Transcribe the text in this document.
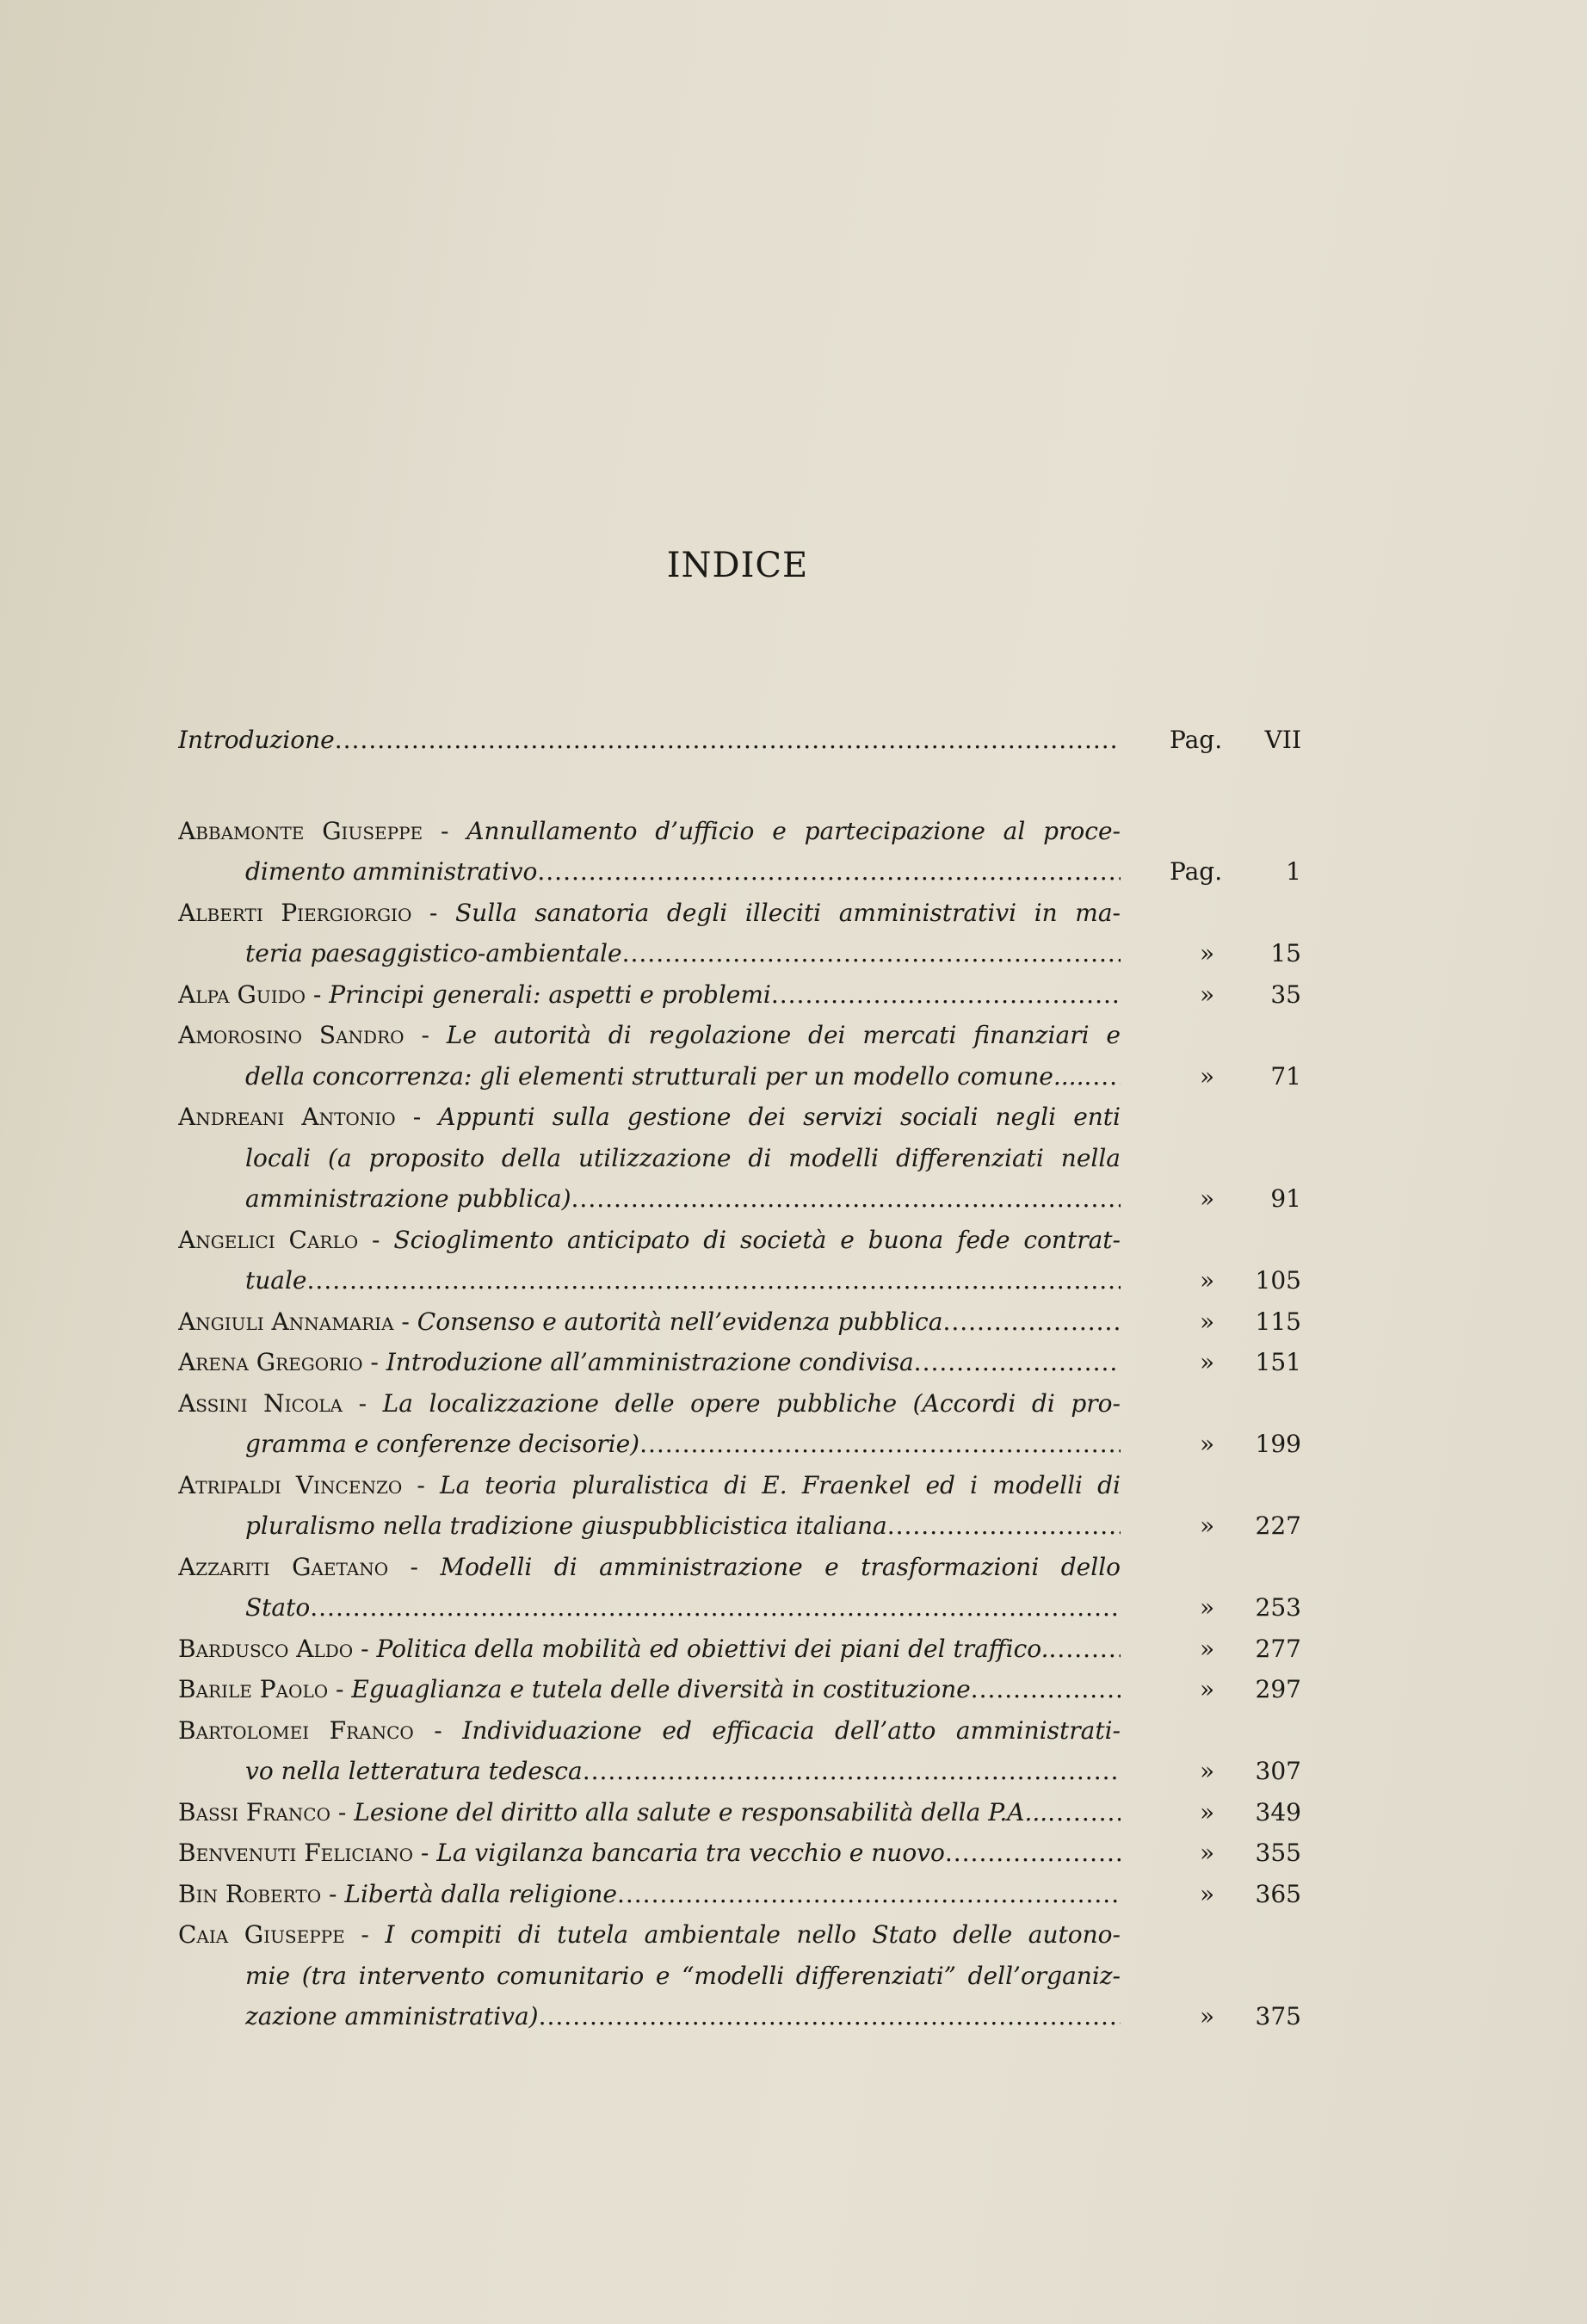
INDICE
Introduzione .....	Pag.	VII
Abbamonte Giuseppe - Annullamento d’ufficio e partecipazione al proce-
dimento amministrativo .....	Pag.	1
Alberti Piergiorgio - Sulla sanatoria degli illeciti amministrativi in ma-
teria paesaggistico-ambientale .....	»	15
Alpa Guido - Principi generali: aspetti e problemi .....	»	35
Amorosino Sandro - Le autorità di regolazione dei mercati finanziari e
della concorrenza: gli elementi strutturali per un modello comune.... .....	»	71
Andreani Antonio - Appunti sulla gestione dei servizi sociali negli enti
locali (a proposito della utilizzazione di modelli differenziati nella
amministrazione pubblica) .....	»	91
Angelici Carlo - Scioglimento anticipato di società e buona fede contrat-
tuale .....	»	105
Angiuli Annamaria - Consenso e autorità nell’evidenza pubblica .....	»	115
Arena Gregorio - Introduzione all’amministrazione condivisa .....	»	151
Assini Nicola - La localizzazione delle opere pubbliche (Accordi di pro-
gramma e conferenze decisorie) .....	»	199
Atripaldi Vincenzo - La teoria pluralistica di E. Fraenkel ed i modelli di
pluralismo nella tradizione giuspubblicistica italiana .....	»	227
Azzariti Gaetano - Modelli di amministrazione e trasformazioni dello
Stato .....	»	253
Bardusco Aldo - Politica della mobilità ed obiettivi dei piani del traffico. .....	»	277
Barile Paolo - Eguaglianza e tutela delle diversità in costituzione .....	»	297
Bartolomei Franco - Individuazione ed efficacia dell’atto amministrati-
vo nella letteratura tedesca .....	»	307
Bassi Franco - Lesione del diritto alla salute e responsabilità della P.A... .....	»	349
Benvenuti Feliciano - La vigilanza bancaria tra vecchio e nuovo .....	»	355
Bin Roberto - Libertà dalla religione .....	»	365
Caia Giuseppe - I compiti di tutela ambientale nello Stato delle autono-
mie (tra intervento comunitario e “modelli differenziati” dell’organiz-
zazione amministrativa) .....	»	375
